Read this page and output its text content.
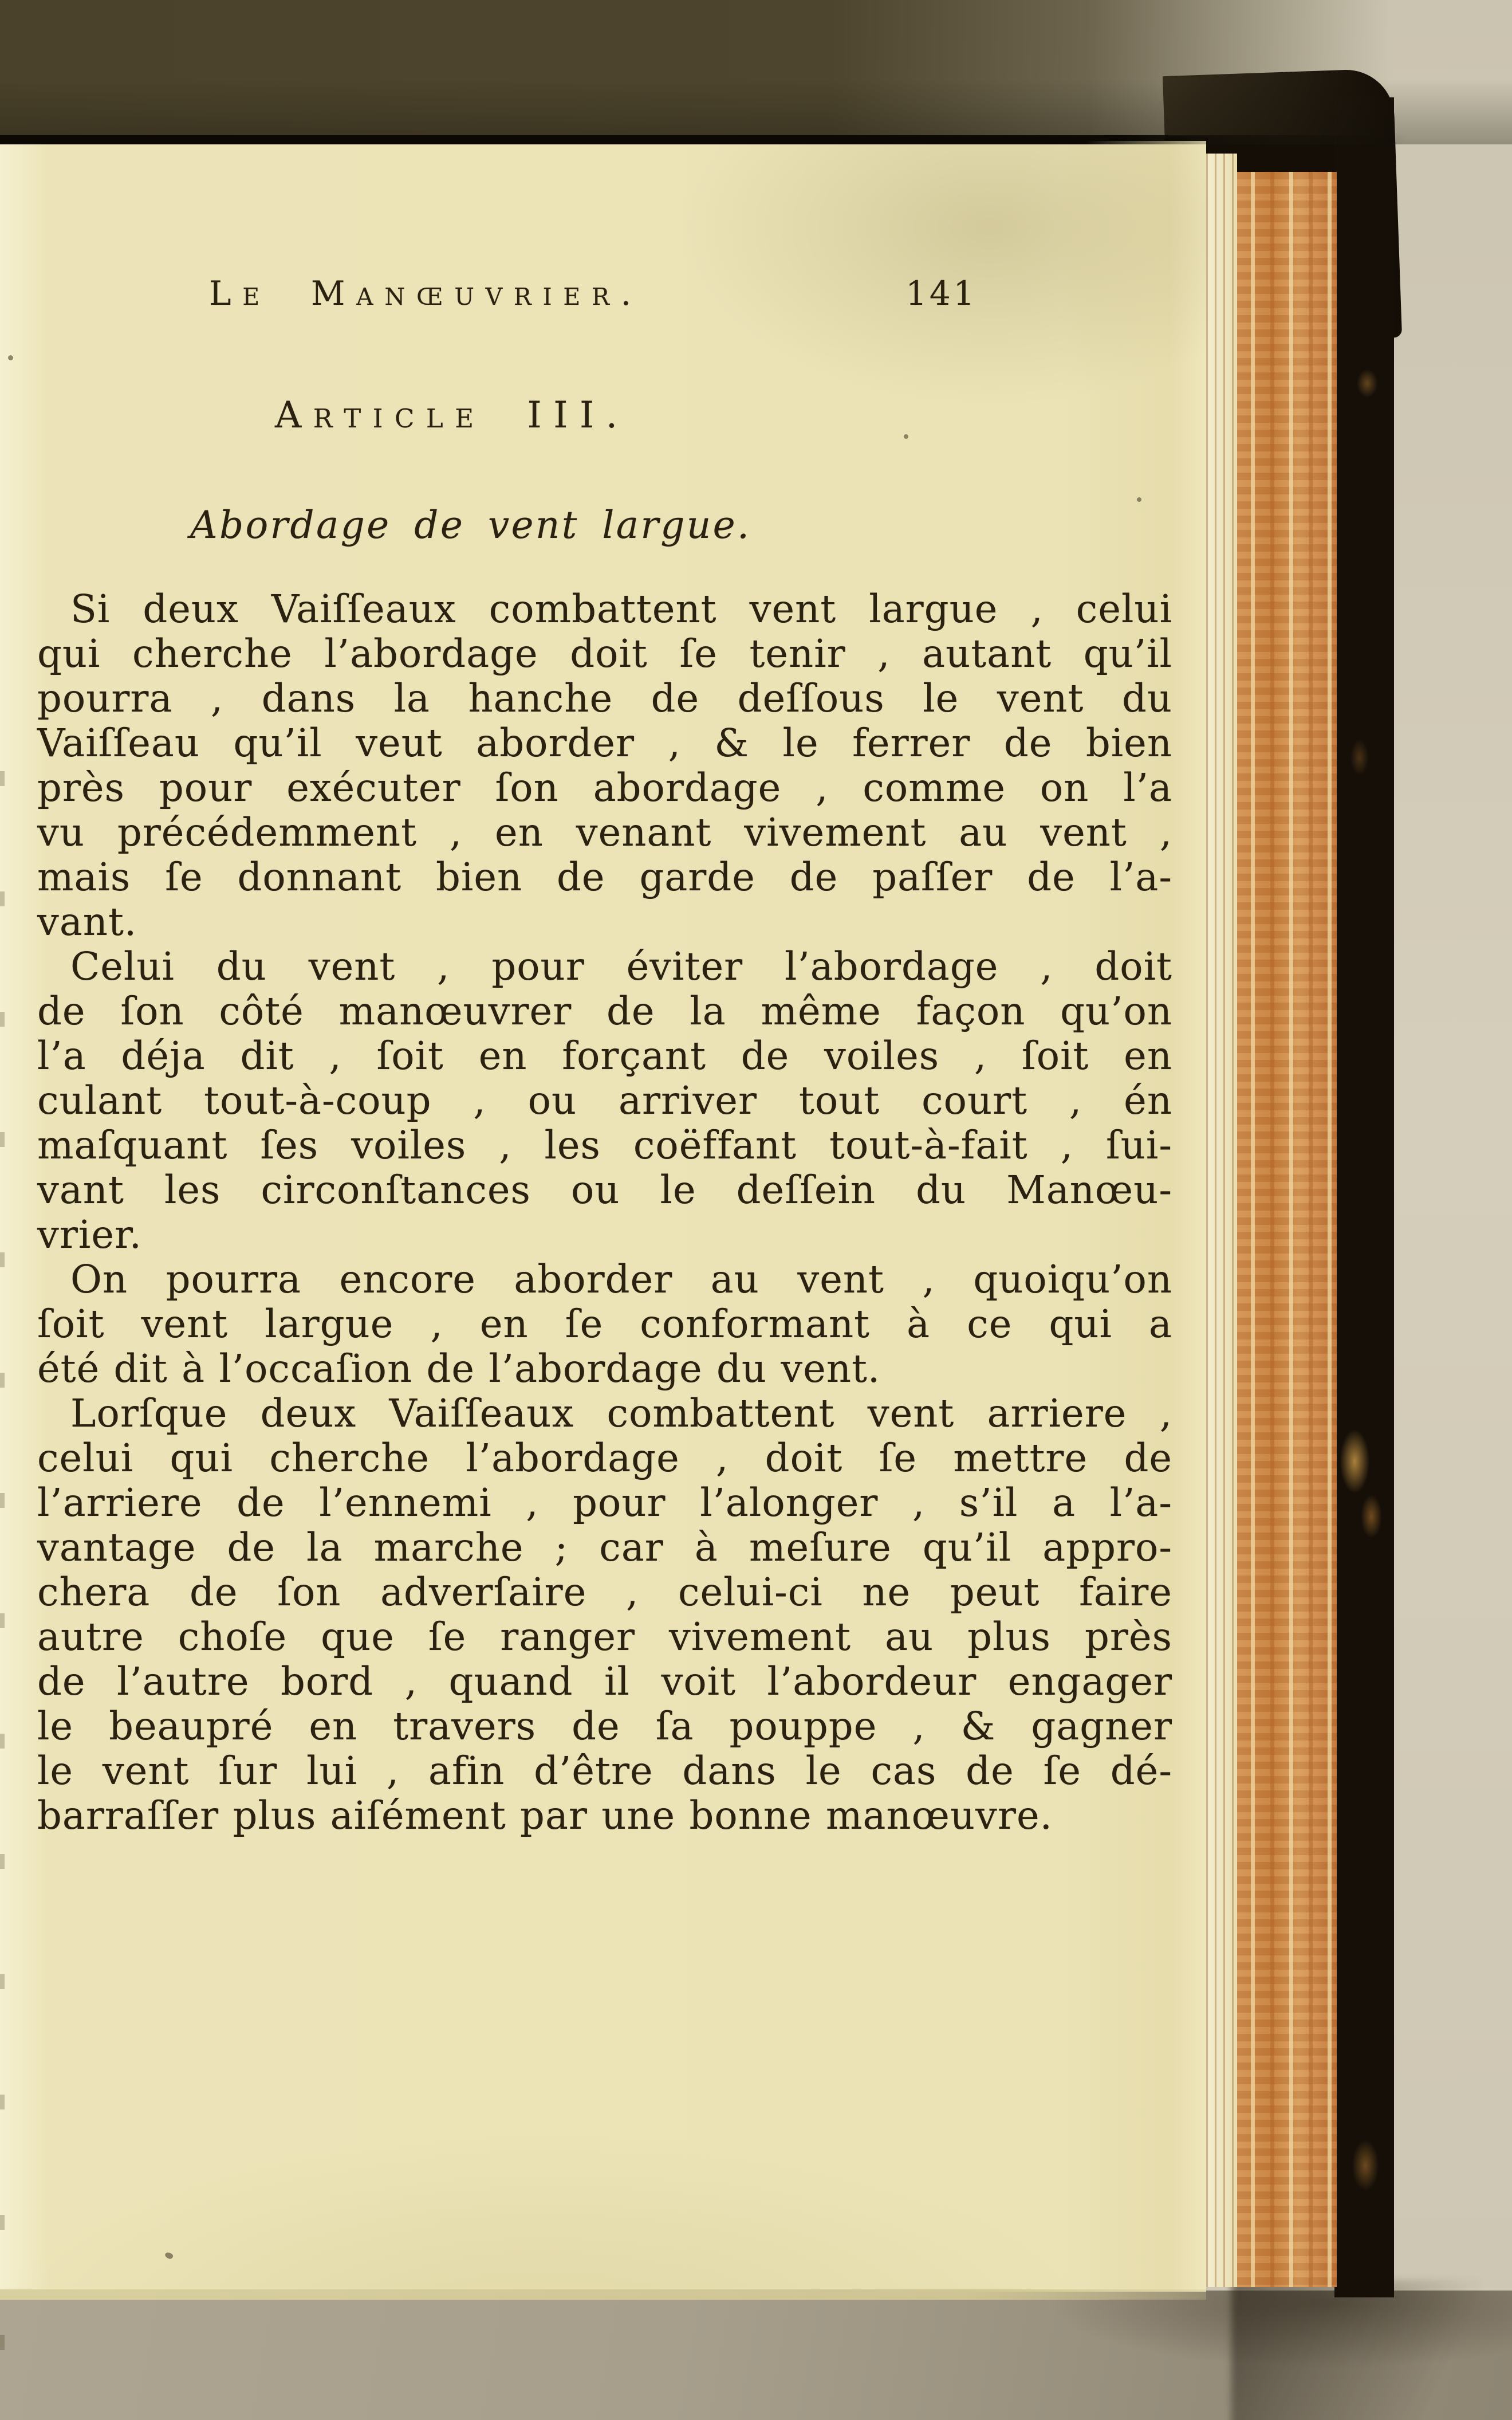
Le Manœuvrier.	141
Article III.
Abordage de vent largue.

Si deux Vaiſſeaux combattent vent largue , celui
qui cherche l’abordage doit ſe tenir , autant qu’il
pourra , dans la hanche de deſſous le vent du
Vaiſſeau qu’il veut aborder , & le ferrer de bien
près pour exécuter ſon abordage , comme on l’a
vu précédemment , en venant vivement au vent ,
mais ſe donnant bien de garde de paſſer de l’a-
vant.

Celui du vent , pour éviter l’abordage , doit
de ſon côté manœuvrer de la même façon qu’on
l’a déja dit , ſoit en forçant de voiles , ſoit en
culant tout-à-coup , ou arriver tout court , én
maſquant ſes voiles , les coëffant tout-à-fait , ſui-
vant les circonſtances ou le deſſein du Manœu-
vrier.

On pourra encore aborder au vent , quoiqu’on
ſoit vent largue , en ſe conformant à ce qui a
été dit à l’occaſion de l’abordage du vent.

Lorſque deux Vaiſſeaux combattent vent arriere ,
celui qui cherche l’abordage , doit ſe mettre de
l’arriere de l’ennemi , pour l’alonger , s’il a l’a-
vantage de la marche ; car à meſure qu’il appro-
chera de ſon adverſaire , celui-ci ne peut faire
autre choſe que ſe ranger vivement au plus près
de l’autre bord , quand il voit l’abordeur engager
le beaupré en travers de ſa pouppe , & gagner
le vent ſur lui , afin d’être dans le cas de ſe dé-
barraſſer plus aiſément par une bonne manœuvre.
